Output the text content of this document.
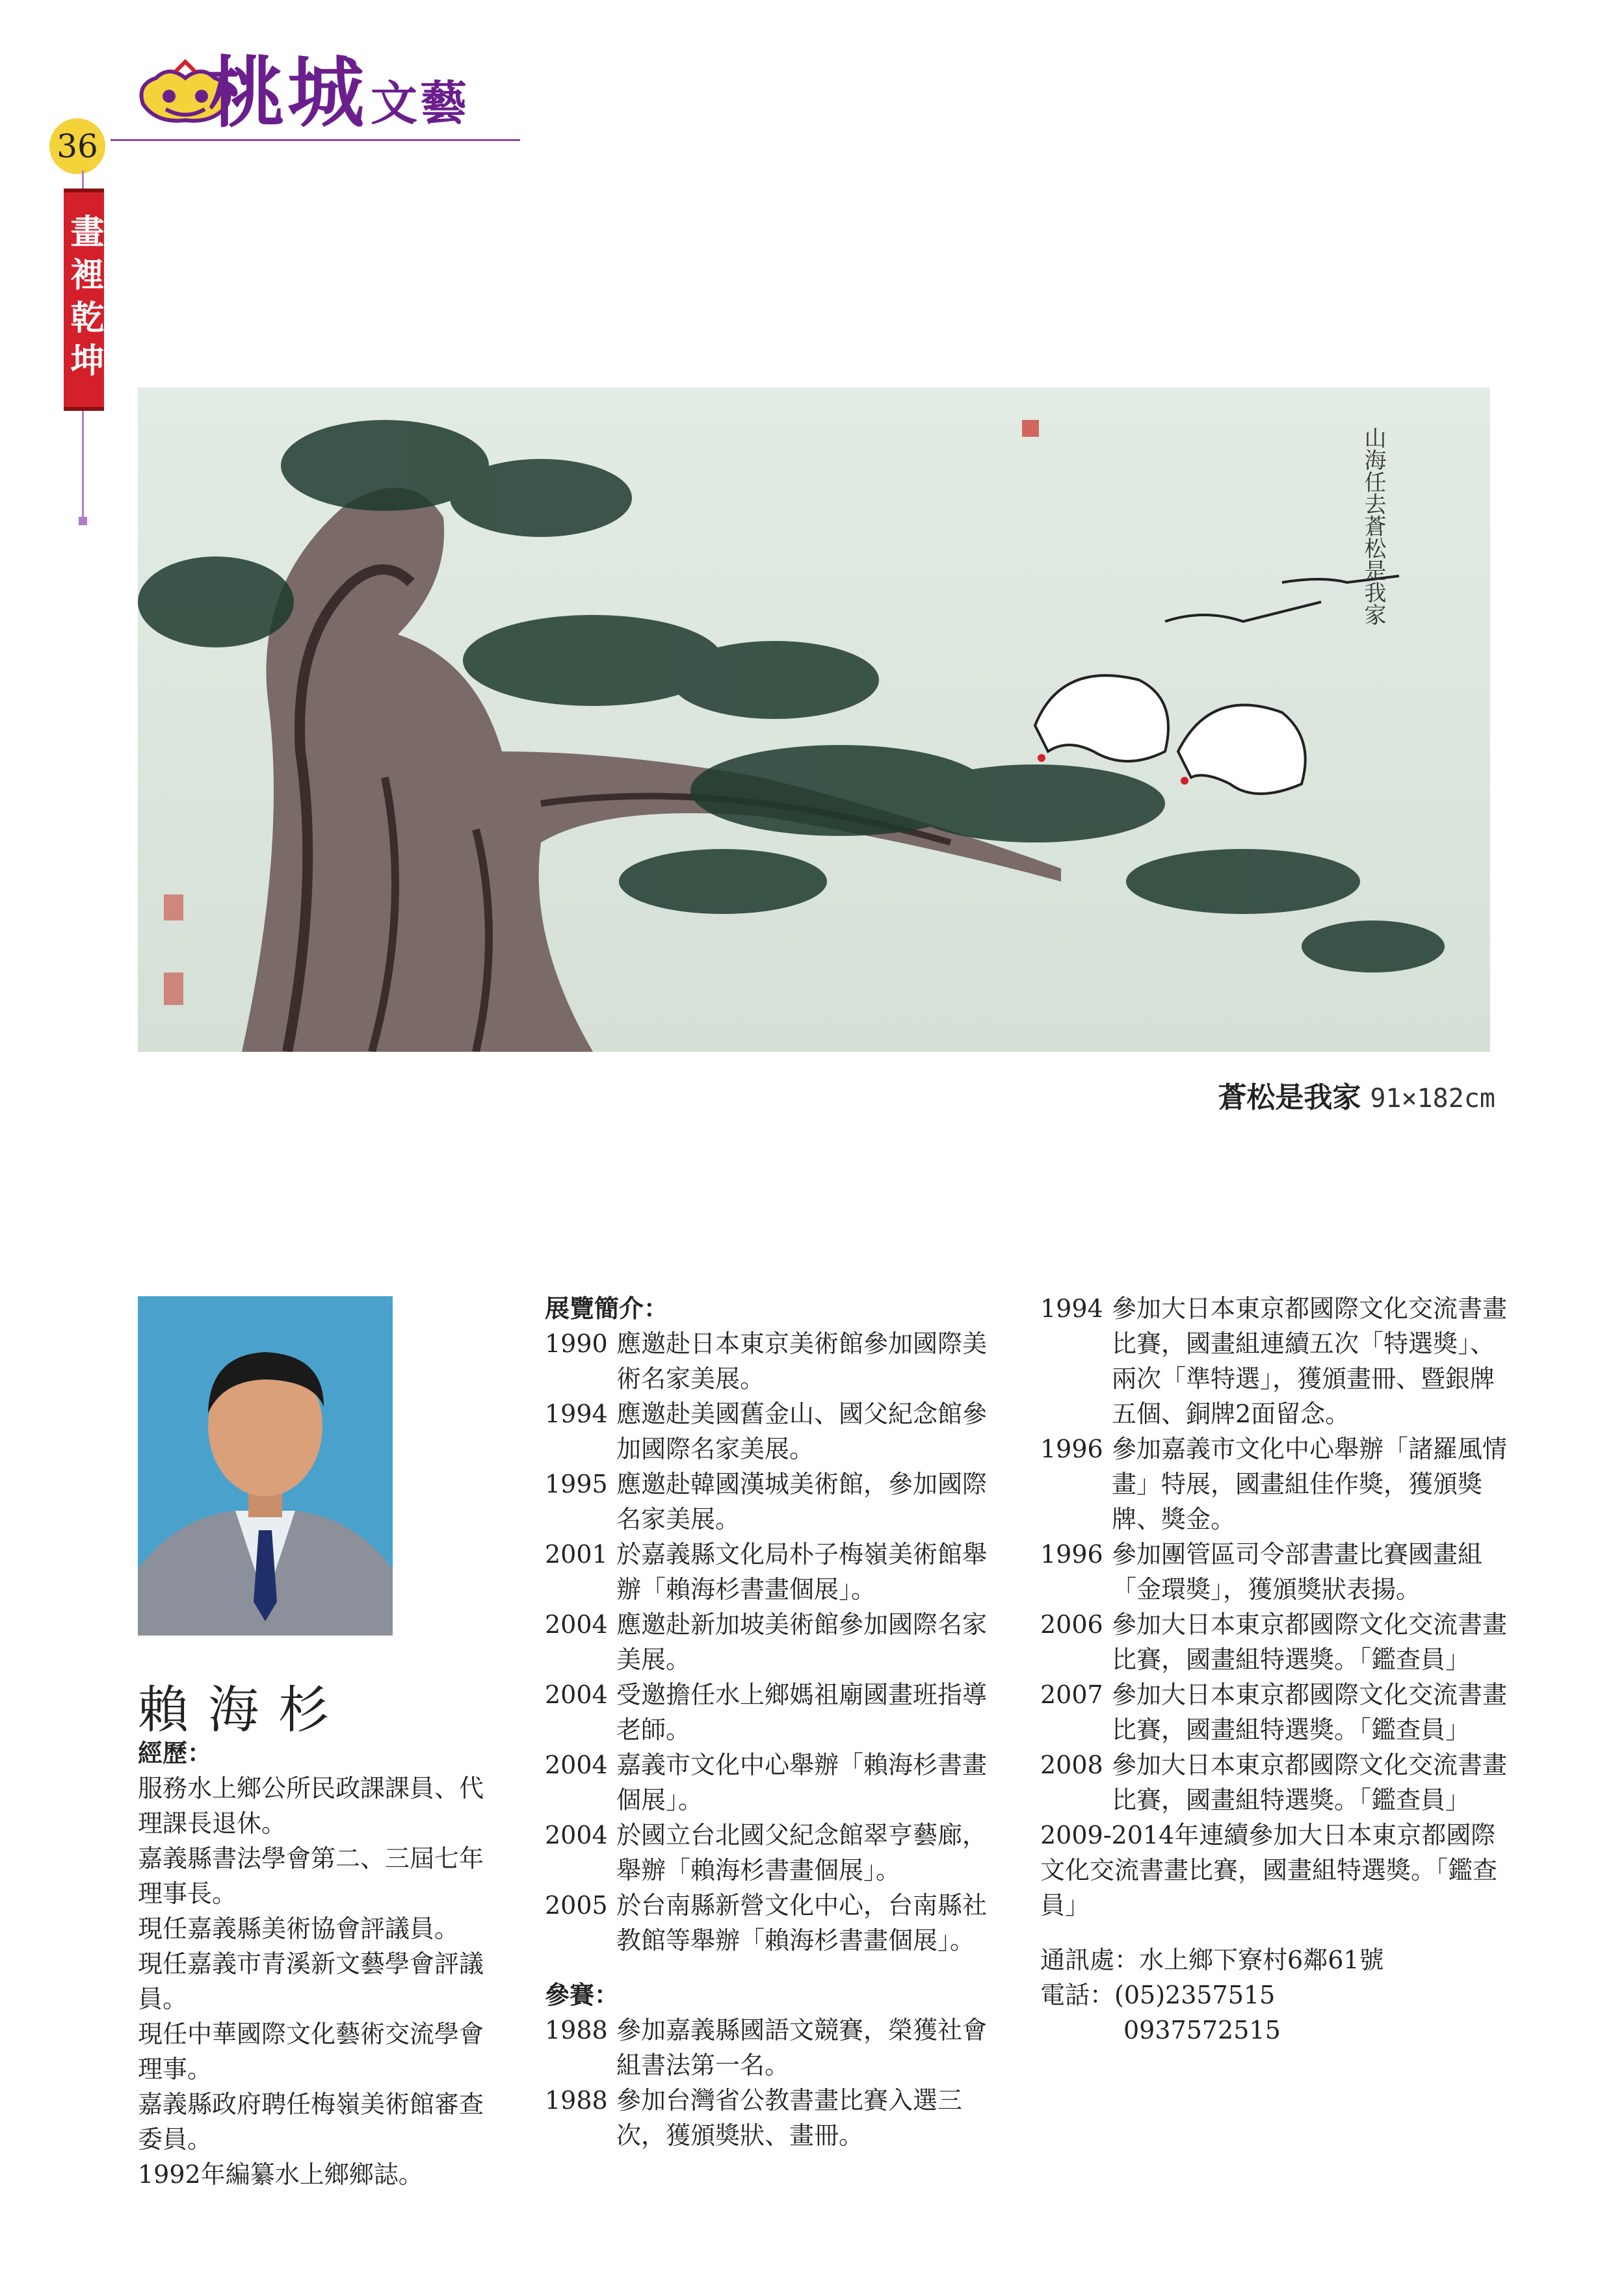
桃城文藝
36
畫裡乾坤
山海任去蒼松是我家
蒼松是我家 91×182cm
賴海杉
經歷：
服務水上鄉公所民政課課員、代理課長退休。
嘉義縣書法學會第二、三屆七年理事長。
現任嘉義縣美術協會評議員。
現任嘉義市青溪新文藝學會評議員。
現任中華國際文化藝術交流學會理事。
嘉義縣政府聘任梅嶺美術館審查委員。
1992年編纂水上鄉鄉誌。
展覽簡介：
1990 應邀赴日本東京美術館參加國際美術名家美展。
1994 應邀赴美國舊金山、國父紀念館參加國際名家美展。
1995 應邀赴韓國漢城美術館，參加國際名家美展。
2001 於嘉義縣文化局朴子梅嶺美術館舉辦「賴海杉書畫個展」。
2004 應邀赴新加坡美術館參加國際名家美展。
2004 受邀擔任水上鄉媽祖廟國畫班指導老師。
2004 嘉義市文化中心舉辦「賴海杉書畫個展」。
2004 於國立台北國父紀念館翠亨藝廊，舉辦「賴海杉書畫個展」。
2005 於台南縣新營文化中心，台南縣社教館等舉辦「賴海杉書畫個展」。
參賽：
1988 參加嘉義縣國語文競賽，榮獲社會組書法第一名。
1988 參加台灣省公教書畫比賽入選三次，獲頒獎狀、畫冊。
1994 參加大日本東京都國際文化交流書畫比賽，國畫組連續五次「特選獎」、兩次「準特選」，獲頒畫冊、暨銀牌五個、銅牌2面留念。
1996 參加嘉義市文化中心舉辦「諸羅風情畫」特展，國畫組佳作獎，獲頒獎牌、獎金。
1996 參加團管區司令部書畫比賽國畫組「金環獎」，獲頒獎狀表揚。
2006 參加大日本東京都國際文化交流書畫比賽，國畫組特選獎。「鑑查員」
2007 參加大日本東京都國際文化交流書畫比賽，國畫組特選獎。「鑑查員」
2008 參加大日本東京都國際文化交流書畫比賽，國畫組特選獎。「鑑查員」
2009-2014年連續參加大日本東京都國際文化交流書畫比賽，國畫組特選獎。「鑑查員」
通訊處：水上鄉下寮村6鄰61號
電話：(05)2357515
0937572515
